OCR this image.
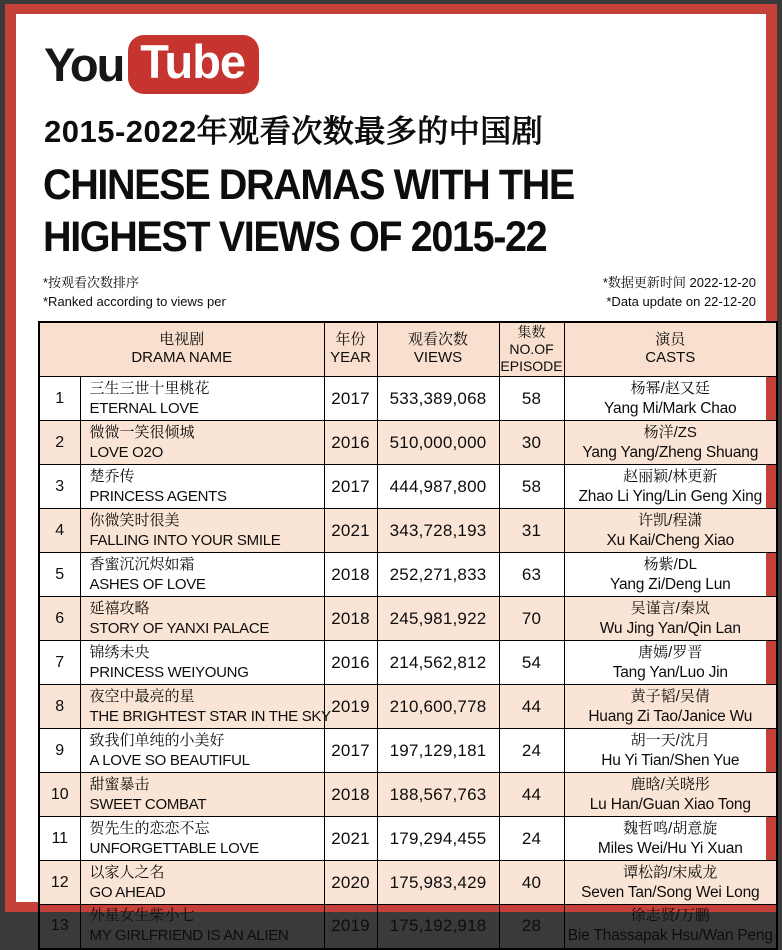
You Tube
2015-2022年观看次数最多的中国剧
CHINESE DRAMAS WITH THE
HIGHEST VIEWS OF 2015-22
*按观看次数排序
*Ranked according to views per
*数据更新时间 2022-12-20
*Data update on 22-12-20
电视剧
DRAMA NAME

年份
YEAR

观看次数
VIEWS

集数
NO.OF
EPISODE

演员
CASTS

1	
三生三世十里桃花
ETERNAL LOVE
	2017	533,389,068	58	
杨幂/赵又廷
Yang Mi/Mark Chao

2	
微微一笑很倾城
LOVE O2O
	2016	510,000,000	30	
杨洋/ZS
Yang Yang/Zheng Shuang

3	
楚乔传
PRINCESS AGENTS
	2017	444,987,800	58	
赵丽颖/林更新
Zhao Li Ying/Lin Geng Xing

4	
你微笑时很美
FALLING INTO YOUR SMILE
	2021	343,728,193	31	
许凯/程潇
Xu Kai/Cheng Xiao

5	
香蜜沉沉烬如霜
ASHES OF LOVE
	2018	252,271,833	63	
杨紫/DL
Yang Zi/Deng Lun

6	
延禧攻略
STORY OF YANXI PALACE
	2018	245,981,922	70	
吴谨言/秦岚
Wu Jing Yan/Qin Lan

7	
锦绣未央
PRINCESS WEIYOUNG
	2016	214,562,812	54	
唐嫣/罗晋
Tang Yan/Luo Jin

8	
夜空中最亮的星
THE BRIGHTEST STAR IN THE SKY
	2019	210,600,778	44	
黄子韬/吴倩
Huang Zi Tao/Janice Wu

9	
致我们单纯的小美好
A LOVE SO BEAUTIFUL
	2017	197,129,181	24	
胡一天/沈月
Hu Yi Tian/Shen Yue

10	
甜蜜暴击
SWEET COMBAT
	2018	188,567,763	44	
鹿晗/关晓彤
Lu Han/Guan Xiao Tong

11	
贺先生的恋恋不忘
UNFORGETTABLE LOVE
	2021	179,294,455	24	
魏哲鸣/胡意旋
Miles Wei/Hu Yi Xuan

12	
以家人之名
GO AHEAD
	2020	175,983,429	40	
谭松韵/宋威龙
Seven Tan/Song Wei Long

13	
外星女生柴小七
MY GIRLFRIEND IS AN ALIEN
	2019	175,192,918	28	
徐志贤/万鹏
Bie Thassapak Hsu/Wan Peng
